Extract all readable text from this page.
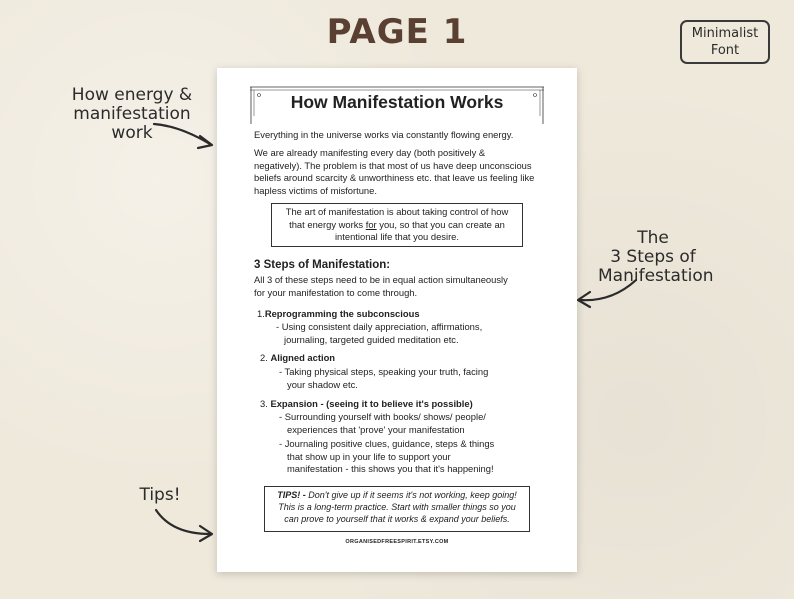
PAGE 1	Minimalist
Font
How energy &
manifestation
work
The
3 Steps of
Manifestation
Tips!
How Manifestation Works
Everything in the universe works via constantly flowing energy.
We are already manifesting every day (both positively &
negatively). The problem is that most of us have deep unconscious
beliefs around scarcity & unworthiness etc. that leave us feeling like
hapless victims of misfortune.
The art of manifestation is about taking control of how
that energy works for you, so that you can create an
intentional life that you desire.
3 Steps of Manifestation:
All 3 of these steps need to be in equal action simultaneously
for your manifestation to come through.
1.Reprogramming the subconscious
- Using consistent daily appreciation, affirmations,
journaling, targeted guided meditation etc.
2. Aligned action
- Taking physical steps, speaking your truth, facing
your shadow etc.
3. Expansion - (seeing it to believe it's possible)
- Surrounding yourself with books/ shows/ people/
experiences that 'prove' your manifestation
- Journaling positive clues, guidance, steps & things
that show up in your life to support your
manifestation - this shows you that it's happening!
TIPS! - Don't give up if it seems it's not working, keep going!
This is a long-term practice. Start with smaller things so you
can prove to yourself that it works & expand your beliefs.
ORGANISEDFREESPIRIT.ETSY.COM
